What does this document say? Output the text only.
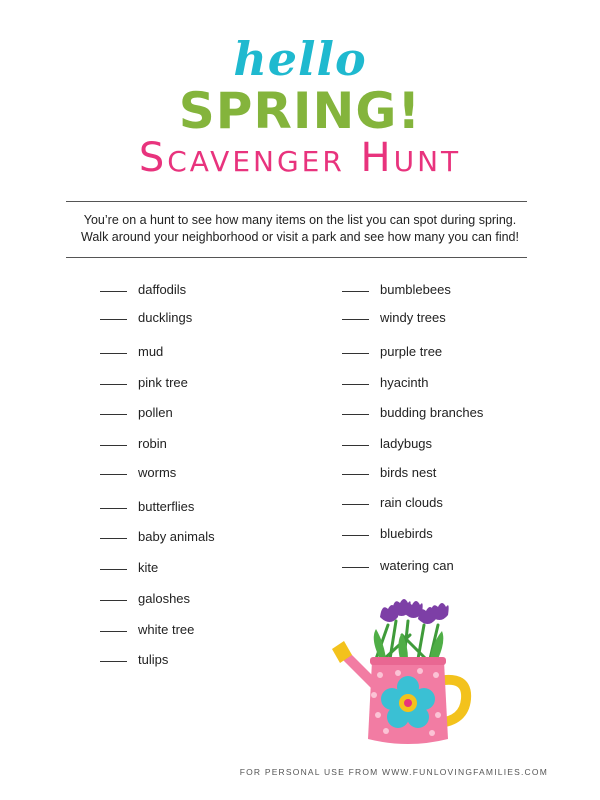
hello
SPRING!
Scavenger Hunt

You’re on a hunt to see how many items on the list you can spot during spring.

Walk around your neighborhood or visit a park and see how many you can find!

daffodils
ducklings
mud
pink tree
pollen
robin
worms
butterflies
baby animals
kite
galoshes
white tree
tulips
bumblebees
windy trees
purple tree
hyacinth
budding branches
ladybugs
birds nest
rain clouds
bluebirds
watering can
FOR PERSONAL USE FROM WWW.FUNLOVINGFAMILIES.COM
